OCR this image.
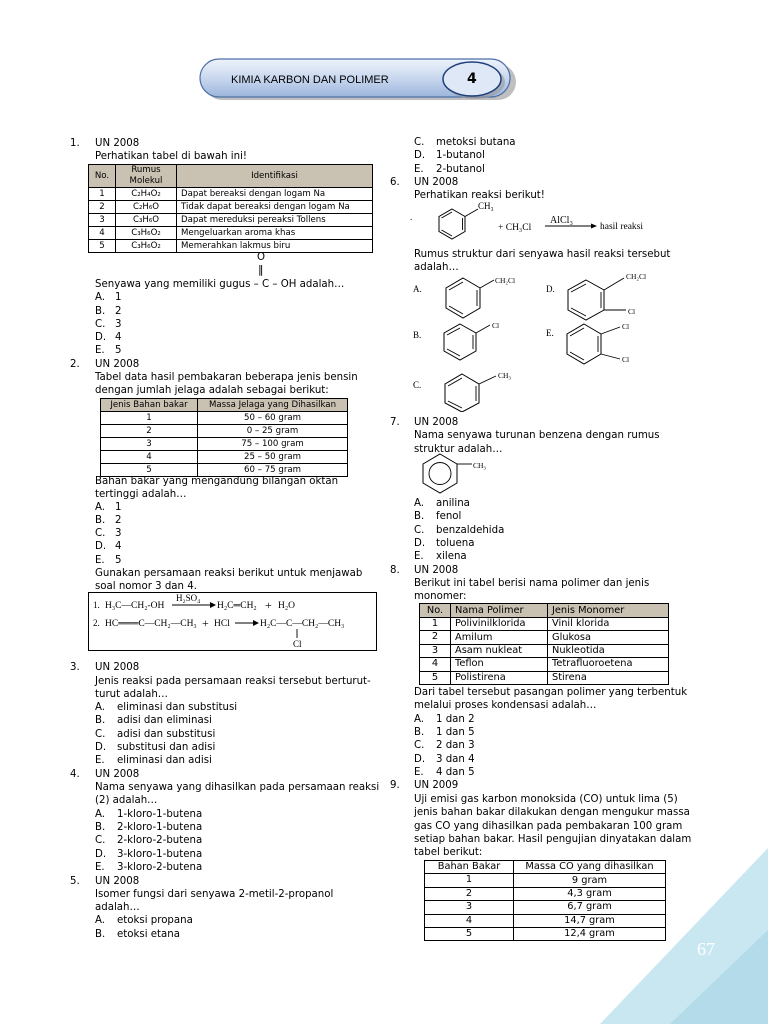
KIMIA KARBON DAN POLIMER	4
67
1. UN 2008
Perhatikan tabel di bawah ini!
No.	Rumus Molekul	Identifikasi
1	C₂H₄O₂	Dapat bereaksi dengan logam Na
2	C₂H₆O	Tidak dapat bereaksi dengan logam Na
3	C₃H₆O	Dapat mereduksi pereaksi Tollens
4	C₃H₆O₂	Mengeluarkan aroma khas
5	C₃H₆O₂	Memerahkan lakmus biru
O
‖
Senyawa yang memiliki gugus – C – OH adalah…
A. 1
B. 2
C. 3
D. 4
E. 5
2. UN 2008
Tabel data hasil pembakaran beberapa jenis bensin
dengan jumlah jelaga adalah sebagai berikut:
Jenis Bahan bakar	Massa Jelaga yang Dihasilkan
1	50 – 60 gram
2	0 – 25 gram
3	75 – 100 gram
4	25 – 50 gram
5	60 – 75 gram
Bahan bakar yang mengandung bilangan oktan
tertinggi adalah…
A. 1
B. 2
C. 3
D. 4
E. 5
Gunakan persamaan reaksi berikut untuk menjawab
soal nomor 3 dan 4.
1. H₃C—CH₂-OH
H₂SO₄
H₂C═CH₂ + H₂O
2. HC═══C—CH₂—CH₃ + HCl	H₂C—C—CH₂—CH₃
Cl
3. UN 2008
Jenis reaksi pada persamaan reaksi tersebut berturut-
turut adalah…
A. eliminasi dan substitusi
B. adisi dan eliminasi
C. adisi dan substitusi
D. substitusi dan adisi
E. eliminasi dan adisi
4. UN 2008
Nama senyawa yang dihasilkan pada persamaan reaksi
(2) adalah…
A. 1-kloro-1-butena
B. 2-kloro-1-butena
C. 2-kloro-2-butena
D. 3-kloro-1-butena
E. 3-kloro-2-butena
5. UN 2008
Isomer fungsi dari senyawa 2-metil-2-propanol
adalah…
A. etoksi propana
B. etoksi etana
C. metoksi butana
D. 1-butanol
E. 2-butanol
6. UN 2008
Perhatikan reaksi berikut!
.
CH₃
+ CH₃Cl
AlCl₃
hasil reaksi
Rumus struktur dari senyawa hasil reaksi tersebut
adalah…
A.
CH₂Cl
D.
CH₂Cl
Cl
B.
Cl
E.
Cl
Cl
C.
CH₃
7. UN 2008
Nama senyawa turunan benzena dengan rumus
struktur adalah…
CH₃
A. anilina
B. fenol
C. benzaldehida
D. toluena
E. xilena
8. UN 2008
Berikut ini tabel berisi nama polimer dan jenis
monomer:
No.	Nama Polimer	Jenis Monomer
1	Polivinilklorida	Vinil klorida
2	Amilum	Glukosa
3	Asam nukleat	Nukleotida
4	Teflon	Tetrafluoroetena
5	Polistirena	Stirena
Dari tabel tersebut pasangan polimer yang terbentuk
melalui proses kondensasi adalah…
A. 1 dan 2
B. 1 dan 5
C. 2 dan 3
D. 3 dan 4
E. 4 dan 5
9. UN 2009
Uji emisi gas karbon monoksida (CO) untuk lima (5)
jenis bahan bakar dilakukan dengan mengukur massa
gas CO yang dihasilkan pada pembakaran 100 gram
setiap bahan bakar. Hasil pengujian dinyatakan dalam
tabel berikut:
Bahan Bakar	Massa CO yang dihasilkan
1	9 gram
2	4,3 gram
3	6,7 gram
4	14,7 gram
5	12,4 gram
